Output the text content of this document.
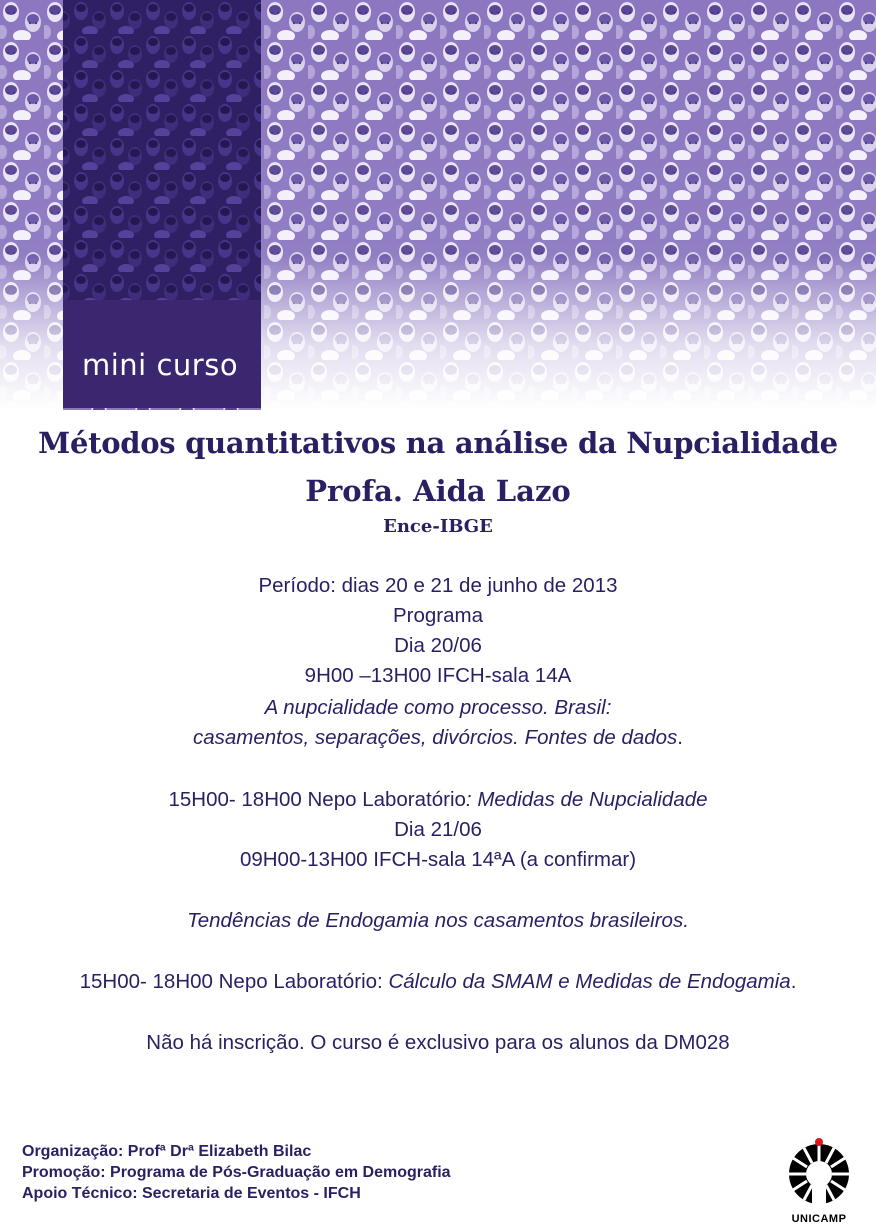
mini curso
Métodos quantitativos na análise da Nupcialidade
Profa. Aida Lazo
Ence-IBGE
Período: dias 20 e 21 de junho de 2013
Programa
Dia 20/06
9H00 –13H00 IFCH-sala 14A
A nupcialidade como processo. Brasil:
casamentos, separações, divórcios. Fontes de dados.
15H00- 18H00 Nepo Laboratório: Medidas de Nupcialidade
Dia 21/06
09H00-13H00 IFCH-sala 14ªA (a confirmar)
Tendências de Endogamia nos casamentos brasileiros.
15H00- 18H00 Nepo Laboratório: Cálculo da SMAM e Medidas de Endogamia.
Não há inscrição. O curso é exclusivo para os alunos da DM028
Organização: Profª Drª Elizabeth Bilac
Promoção: Programa de Pós-Graduação em Demografia
Apoio Técnico: Secretaria de Eventos - IFCH
UNICAMP
